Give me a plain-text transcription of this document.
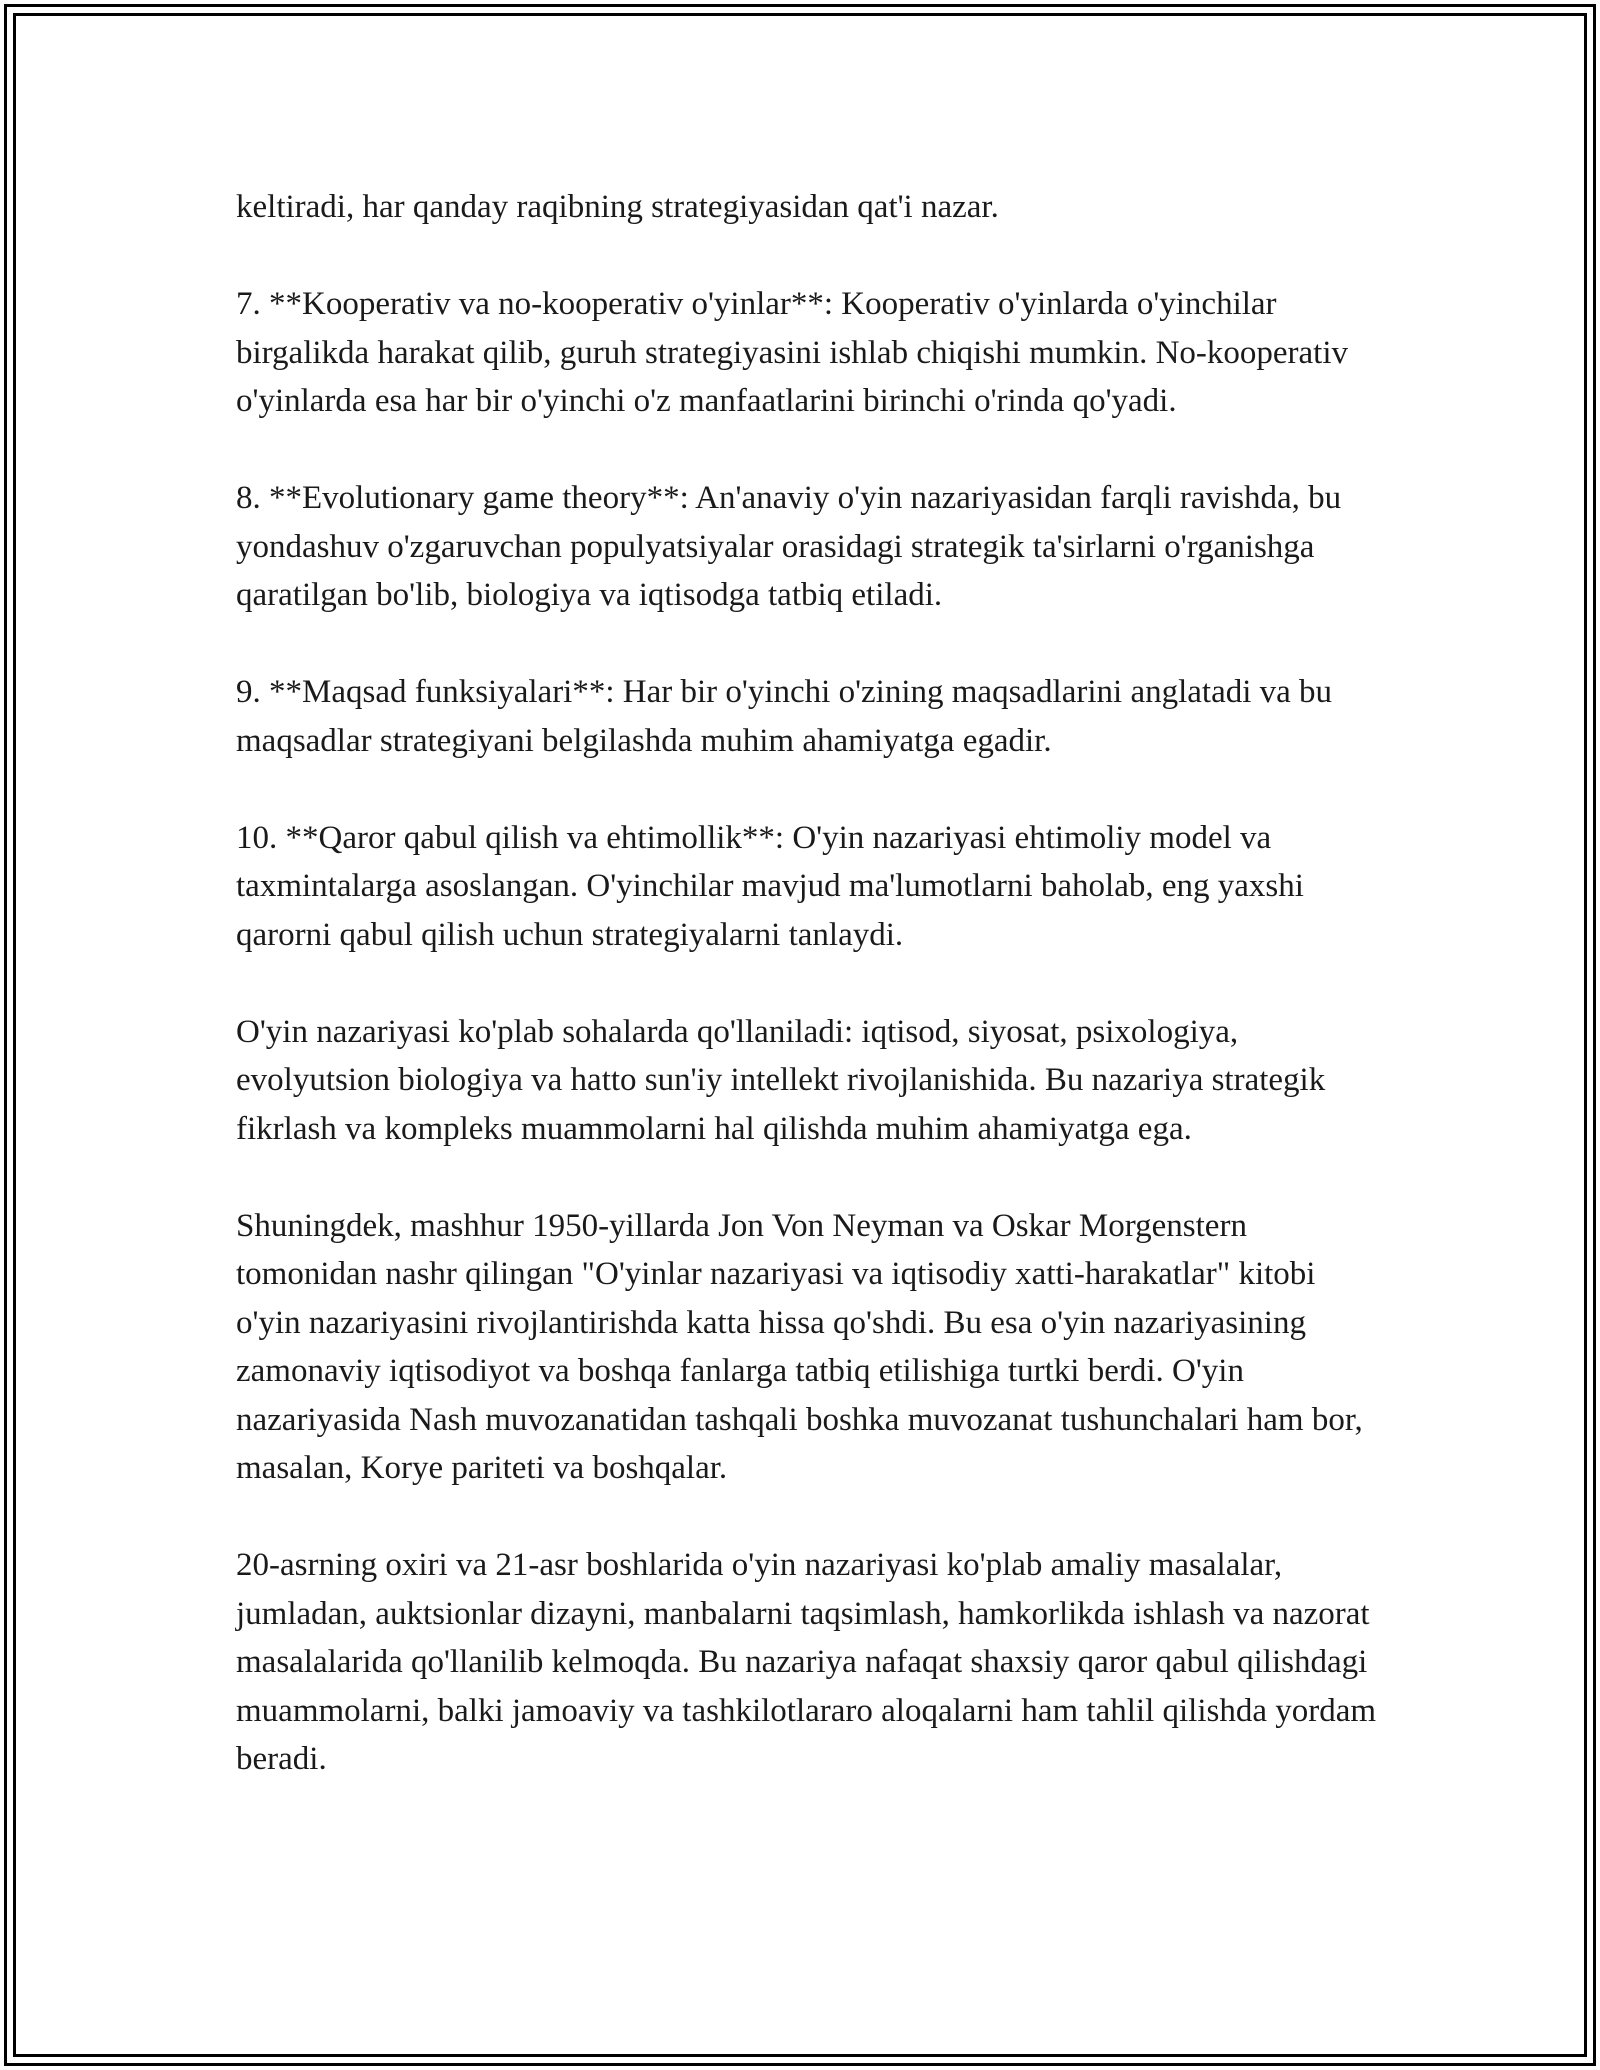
keltiradi, har qanday raqibning strategiyasidan qat'i nazar.

7. **Kooperativ va no-kooperativ o'yinlar**: Kooperativ o'yinlarda o'yinchilar birgalikda harakat qilib, guruh strategiyasini ishlab chiqishi mumkin. No-kooperativ o'yinlarda esa har bir o'yinchi o'z manfaatlarini birinchi o'rinda qo'yadi.

8. **Evolutionary game theory**: An'anaviy o'yin nazariyasidan farqli ravishda, bu yondashuv o'zgaruvchan populyatsiyalar orasidagi strategik ta'sirlarni o'rganishga qaratilgan bo'lib, biologiya va iqtisodga tatbiq etiladi.

9. **Maqsad funksiyalari**: Har bir o'yinchi o'zining maqsadlarini anglatadi va bu maqsadlar strategiyani belgilashda muhim ahamiyatga egadir.

10. **Qaror qabul qilish va ehtimollik**: O'yin nazariyasi ehtimoliy model va taxmintalarga asoslangan. O'yinchilar mavjud ma'lumotlarni baholab, eng yaxshi qarorni qabul qilish uchun strategiyalarni tanlaydi.

O'yin nazariyasi ko'plab sohalarda qo'llaniladi: iqtisod, siyosat, psixologiya, evolyutsion biologiya va hatto sun'iy intellekt rivojlanishida. Bu nazariya strategik fikrlash va kompleks muammolarni hal qilishda muhim ahamiyatga ega.

Shuningdek, mashhur 1950-yillarda Jon Von Neyman va Oskar Morgenstern tomonidan nashr qilingan "O'yinlar nazariyasi va iqtisodiy xatti-harakatlar" kitobi o'yin nazariyasini rivojlantirishda katta hissa qo'shdi. Bu esa o'yin nazariyasining zamonaviy iqtisodiyot va boshqa fanlarga tatbiq etilishiga turtki berdi. O'yin nazariyasida Nash muvozanatidan tashqali boshka muvozanat tushunchalari ham bor, masalan, Korye pariteti va boshqalar.

20-asrning oxiri va 21-asr boshlarida o'yin nazariyasi ko'plab amaliy masalalar, jumladan, auktsionlar dizayni, manbalarni taqsimlash, hamkorlikda ishlash va nazorat masalalarida qo'llanilib kelmoqda. Bu nazariya nafaqat shaxsiy qaror qabul qilishdagi muammolarni, balki jamoaviy va tashkilotlararo aloqalarni ham tahlil qilishda yordam beradi.
